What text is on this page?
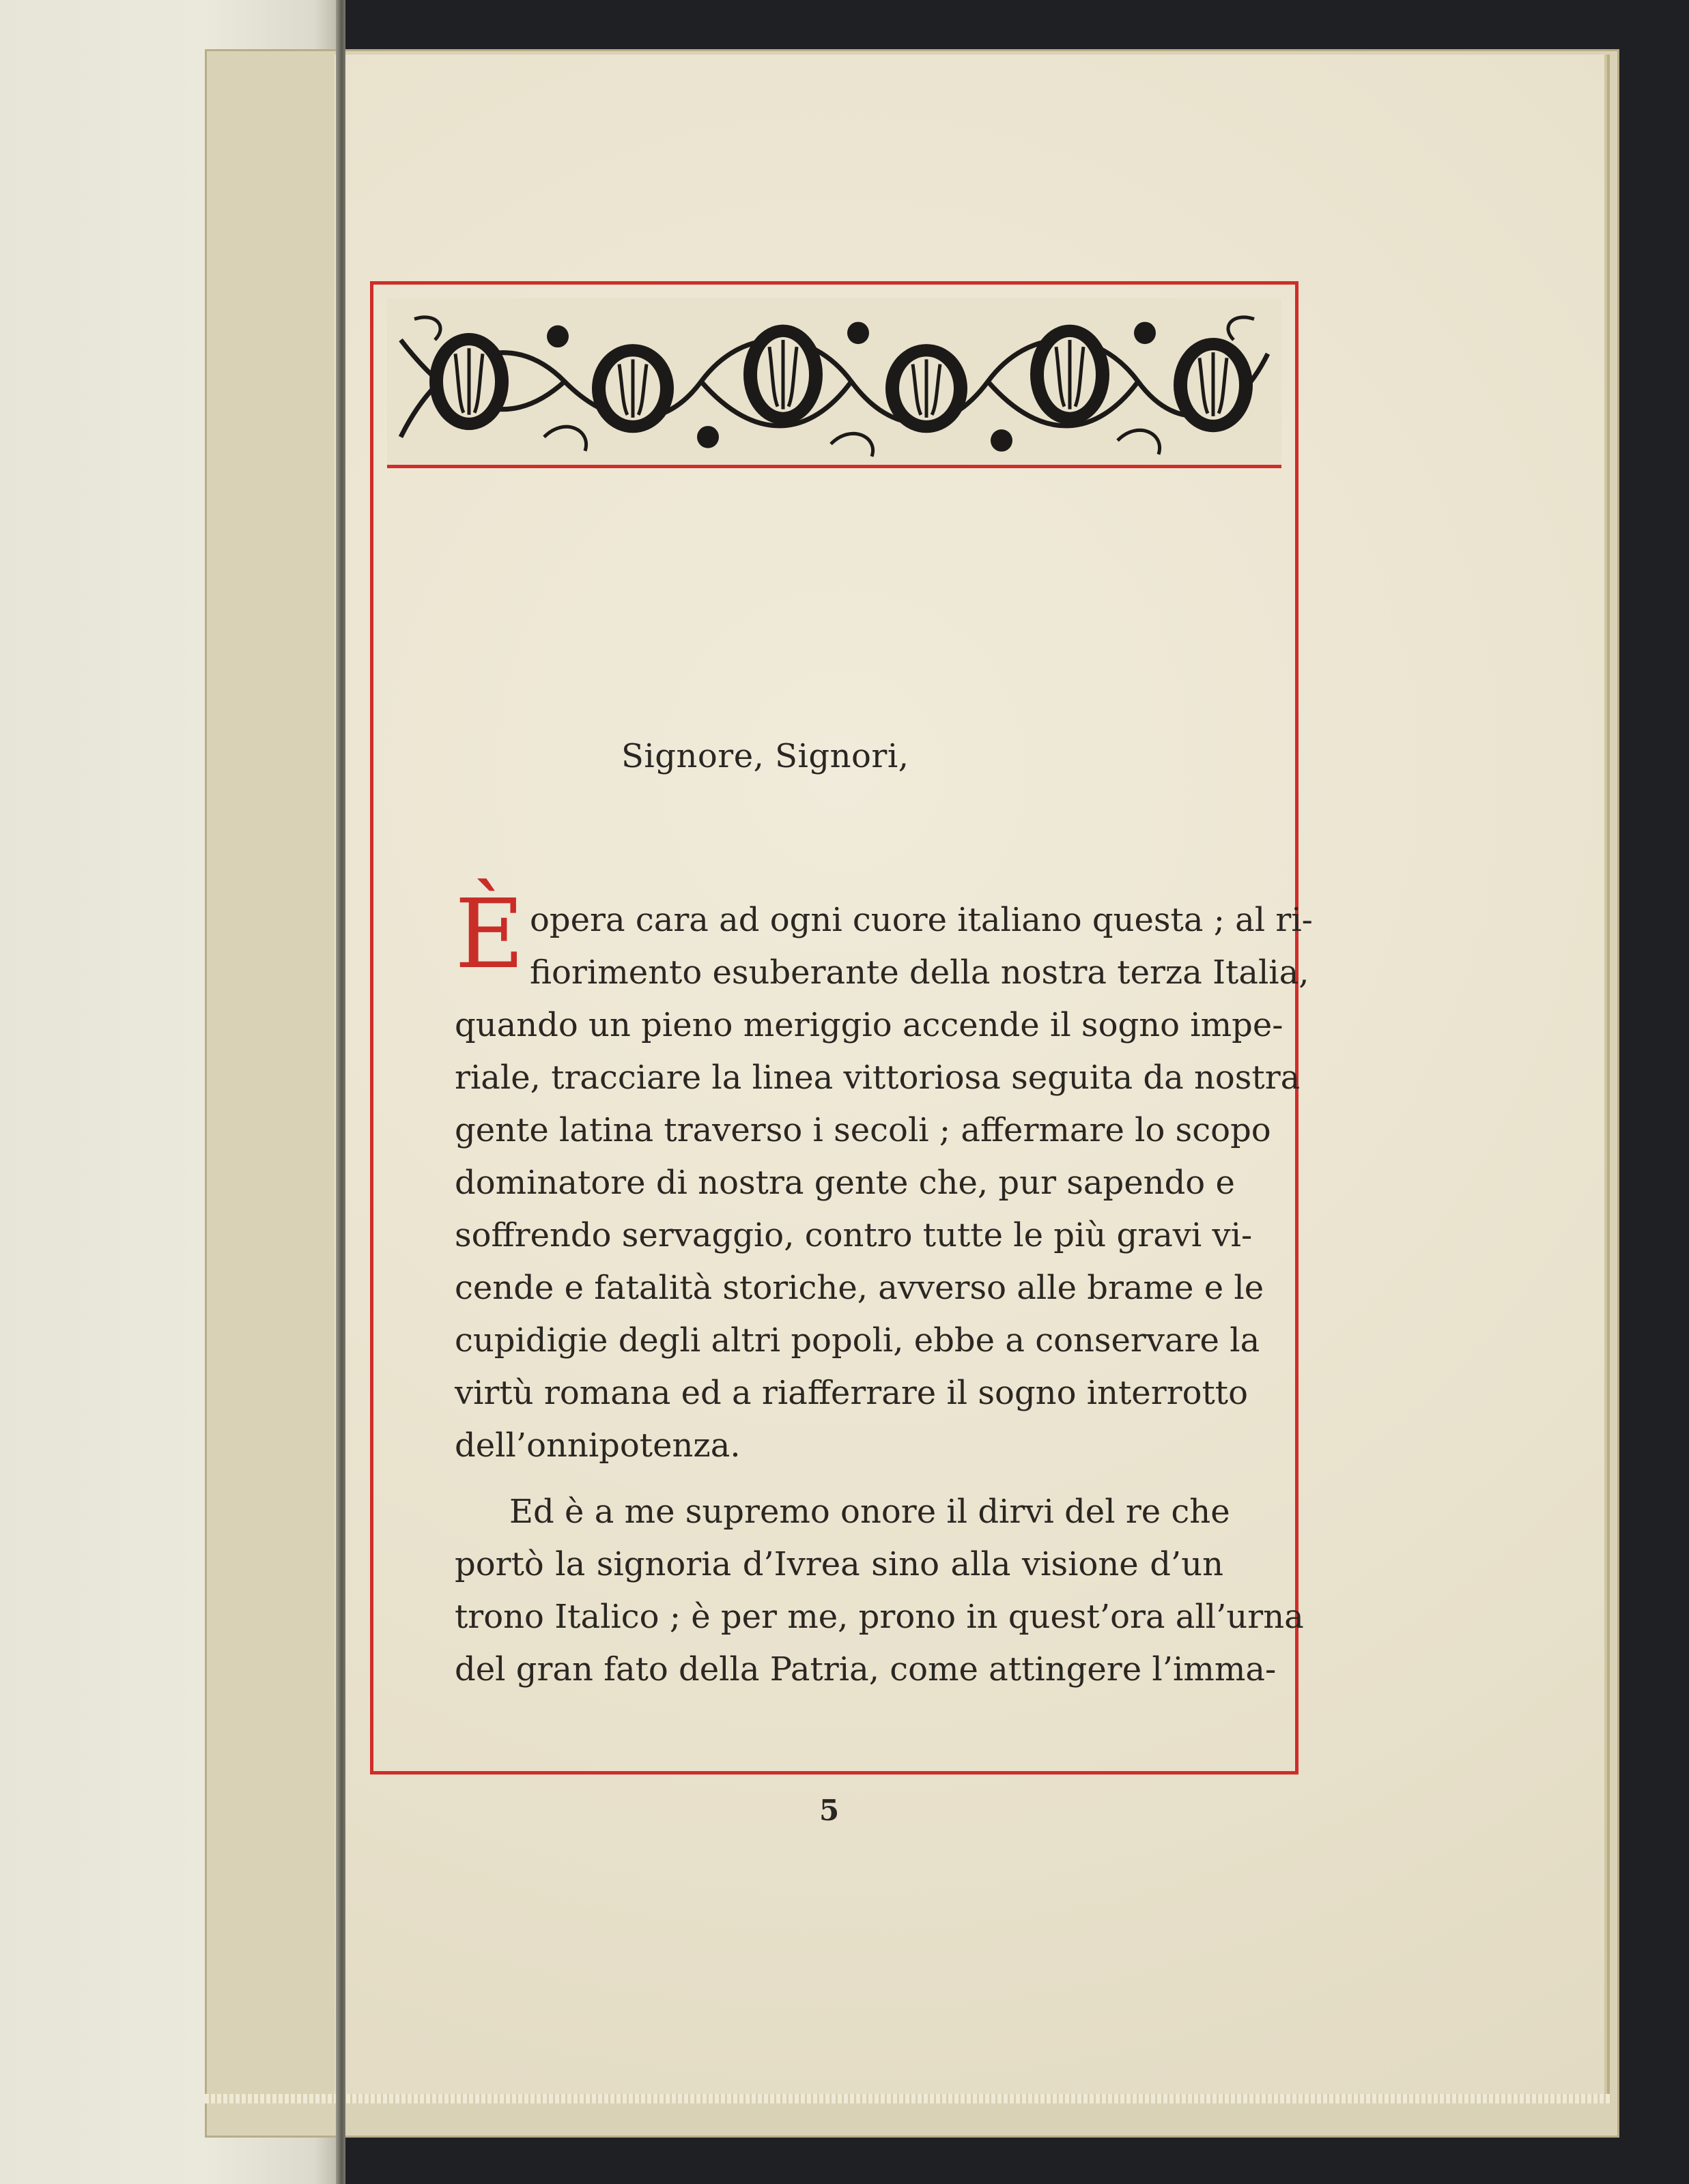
Signore, Signori,
È opera cara ad ogni cuore italiano questa ; al ri-
fiorimento esuberante della nostra terza Italia,
quando un pieno meriggio accende il sogno impe-
riale, tracciare la linea vittoriosa seguita da nostra
gente latina traverso i secoli ; affermare lo scopo
dominatore di nostra gente che, pur sapendo e
soffrendo servaggio, contro tutte le più gravi vi-
cende e fatalità storiche, avverso alle brame e le
cupidigie degli altri popoli, ebbe a conservare la
virtù romana ed a riafferrare il sogno interrotto
dell’onnipotenza.
Ed è a me supremo onore il dirvi del re che
portò la signoria d’Ivrea sino alla visione d’un
trono Italico ; è per me, prono in quest’ora all’urna
del gran fato della Patria, come attingere l’imma-
5
